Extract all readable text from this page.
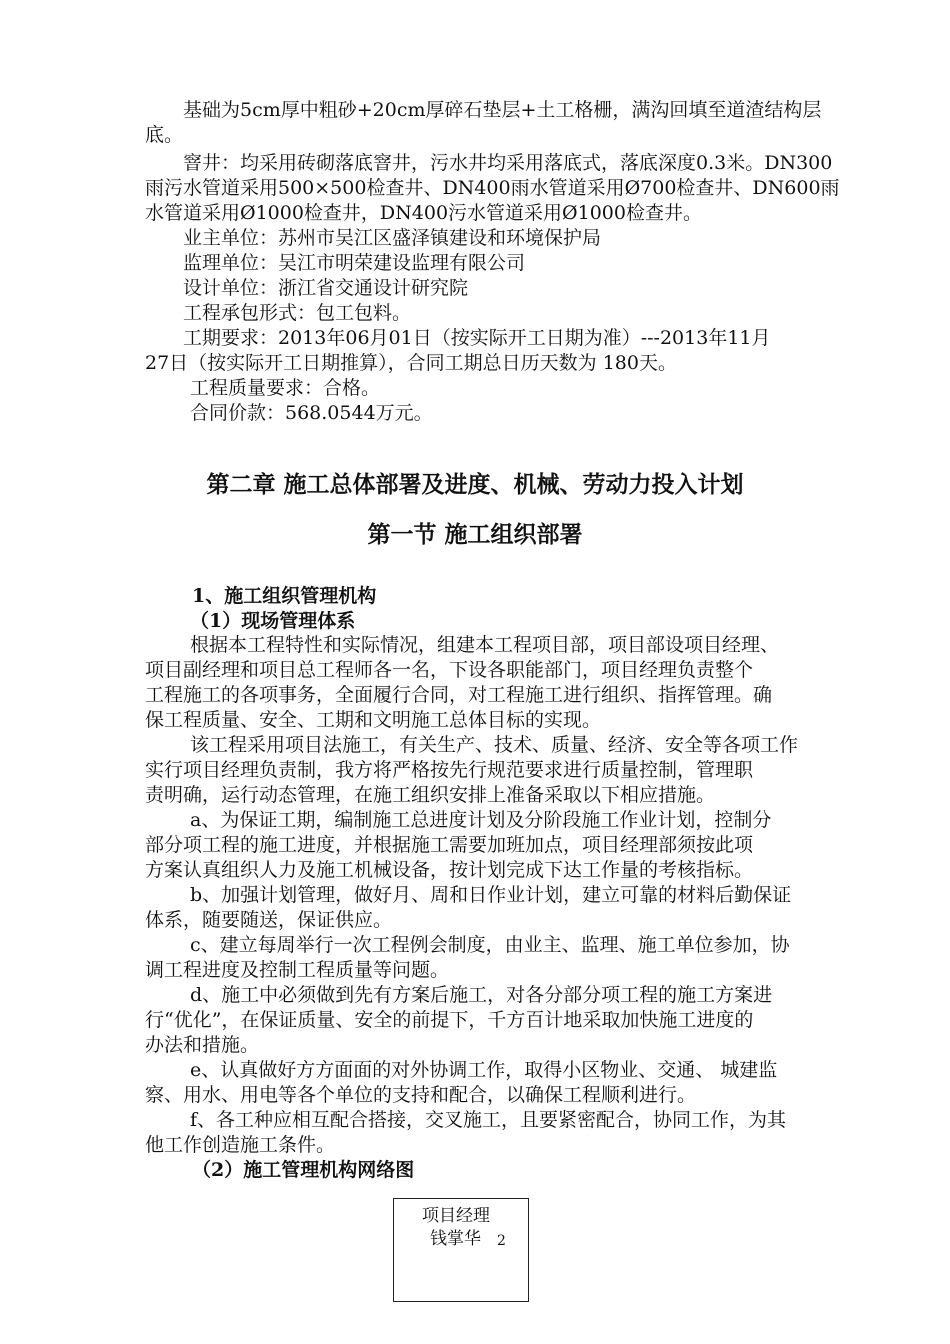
基础为5cm厚中粗砂+20cm厚碎石垫层+土工格栅，满沟回填至道渣结构层
底。
窨井：均采用砖砌落底窨井，污水井均采用落底式，落底深度0.3米。DN300
雨污水管道采用500×500检查井、DN400雨水管道采用Ø700检查井、DN600雨
水管道采用Ø1000检查井，DN400污水管道采用Ø1000检查井。
业主单位：苏州市吴江区盛泽镇建设和环境保护局
监理单位：吴江市明荣建设监理有限公司
设计单位：浙江省交通设计研究院
工程承包形式：包工包料。
工期要求：2013年06月01日（按实际开工日期为准）---2013年11月
27日（按实际开工日期推算），合同工期总日历天数为 180天。
工程质量要求：合格。
合同价款：568.0544万元。
第二章 施工总体部署及进度、机械、劳动力投入计划
第一节 施工组织部署
1、施工组织管理机构
（1）现场管理体系
根据本工程特性和实际情况，组建本工程项目部，项目部设项目经理、
项目副经理和项目总工程师各一名，下设各职能部门，项目经理负责整个
工程施工的各项事务，全面履行合同，对工程施工进行组织、指挥管理。确
保工程质量、安全、工期和文明施工总体目标的实现。
该工程采用项目法施工，有关生产、技术、质量、经济、安全等各项工作
实行项目经理负责制，我方将严格按先行规范要求进行质量控制，管理职
责明确，运行动态管理，在施工组织安排上准备采取以下相应措施。
a、为保证工期，编制施工总进度计划及分阶段施工作业计划，控制分
部分项工程的施工进度，并根据施工需要加班加点，项目经理部须按此项
方案认真组织人力及施工机械设备，按计划完成下达工作量的考核指标。
b、加强计划管理，做好月、周和日作业计划，建立可靠的材料后勤保证
体系，随要随送，保证供应。
c、建立每周举行一次工程例会制度，由业主、监理、施工单位参加，协
调工程进度及控制工程质量等问题。
d、施工中必须做到先有方案后施工，对各分部分项工程的施工方案进
行“优化”，在保证质量、安全的前提下，千方百计地采取加快施工进度的
办法和措施。
e、认真做好方方面面的对外协调工作，取得小区物业、交通、 城建监
察、用水、用电等各个单位的支持和配合，以确保工程顺利进行。
f、各工种应相互配合搭接，交叉施工，且要紧密配合，协同工作，为其
他工作创造施工条件。
（2）施工管理机构网络图
项目经理
钱掌华 2
